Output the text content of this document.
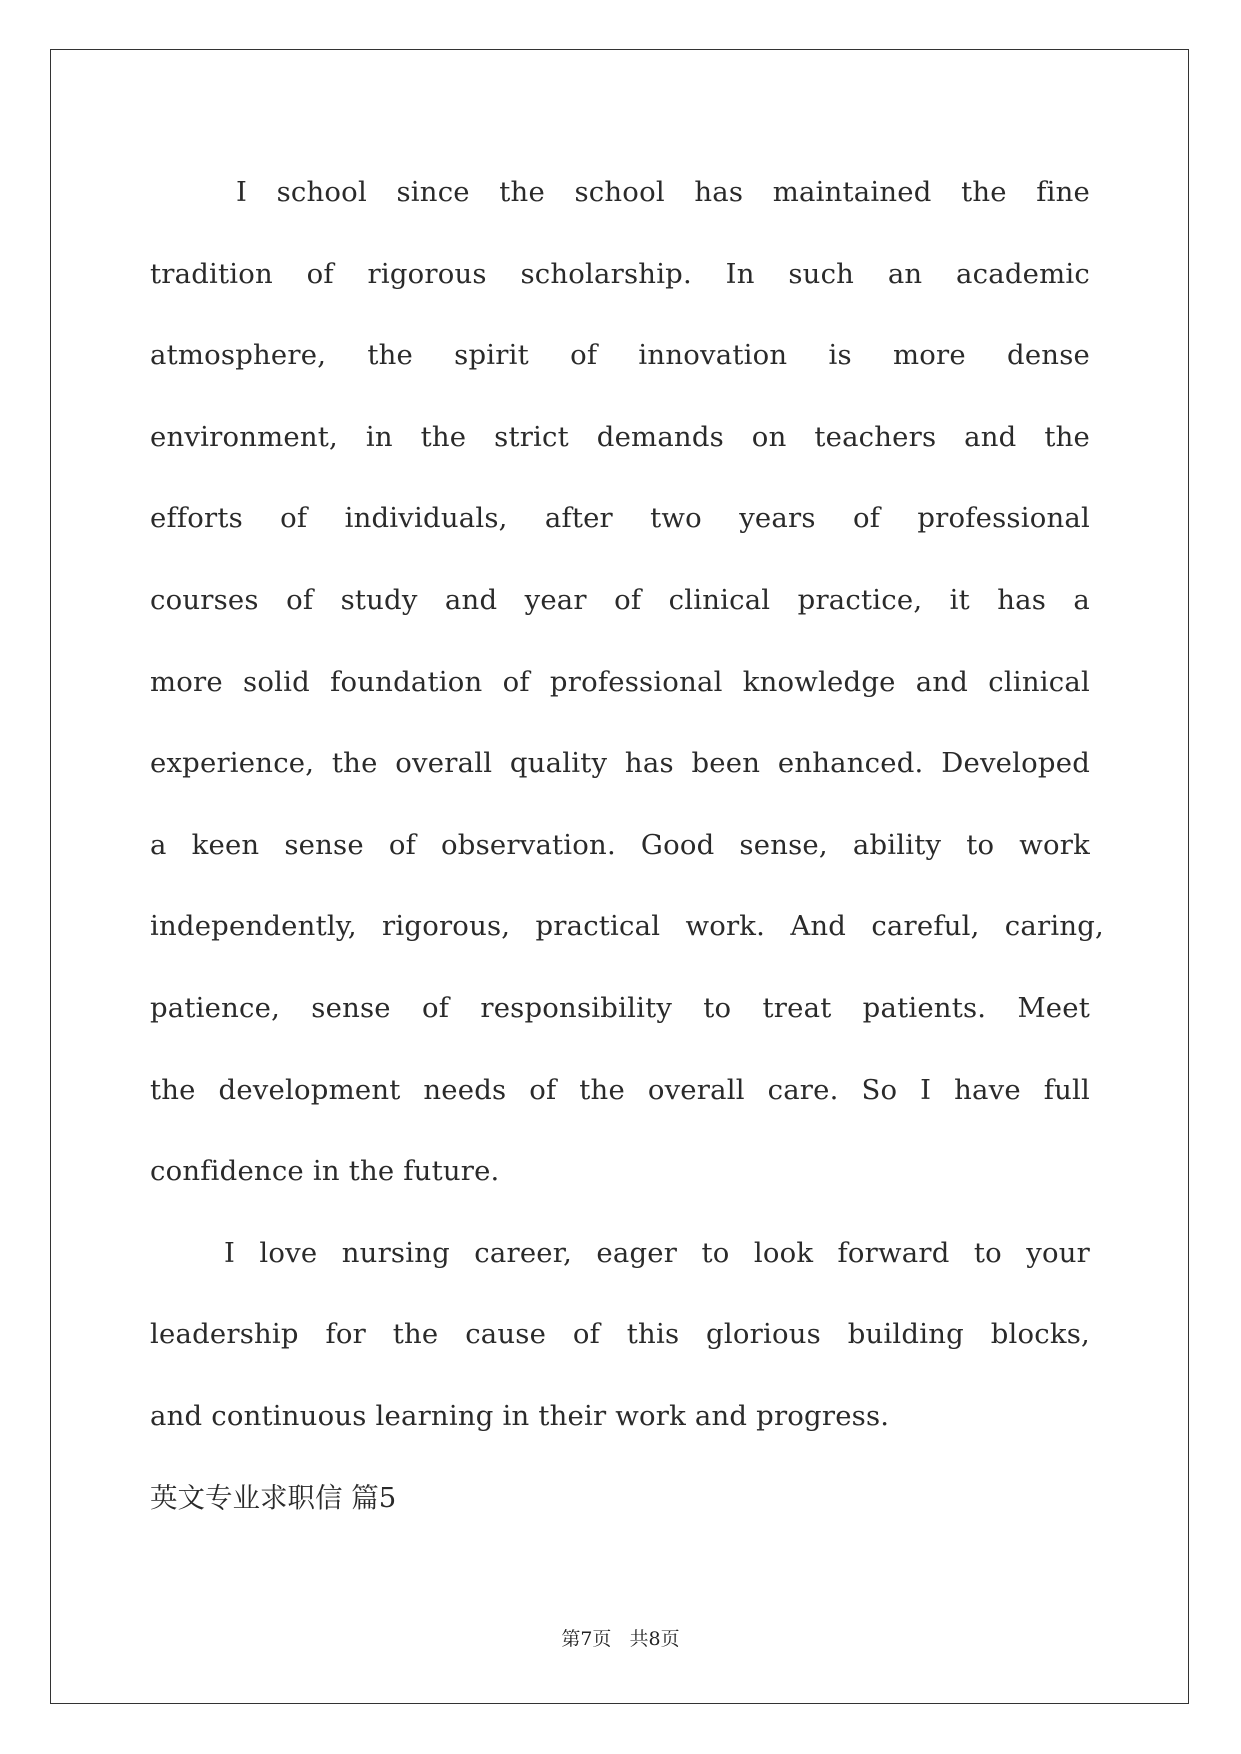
I school since the school has maintained the fine
tradition of rigorous scholarship. In such an academic
atmosphere, the spirit of innovation is more dense
environment, in the strict demands on teachers and the
efforts of individuals, after two years of professional
courses of study and year of clinical practice, it has a
more solid foundation of professional knowledge and clinical
experience, the overall quality has been enhanced. Developed
a keen sense of observation. Good sense, ability to work
independently, rigorous, practical work. And careful, caring,
patience, sense of responsibility to treat patients. Meet
the development needs of the overall care. So I have full
confidence in the future.
I love nursing career, eager to look forward to your
leadership for the cause of this glorious building blocks,
and continuous learning in their work and progress.
英文专业求职信 篇5
第7页   共8页
